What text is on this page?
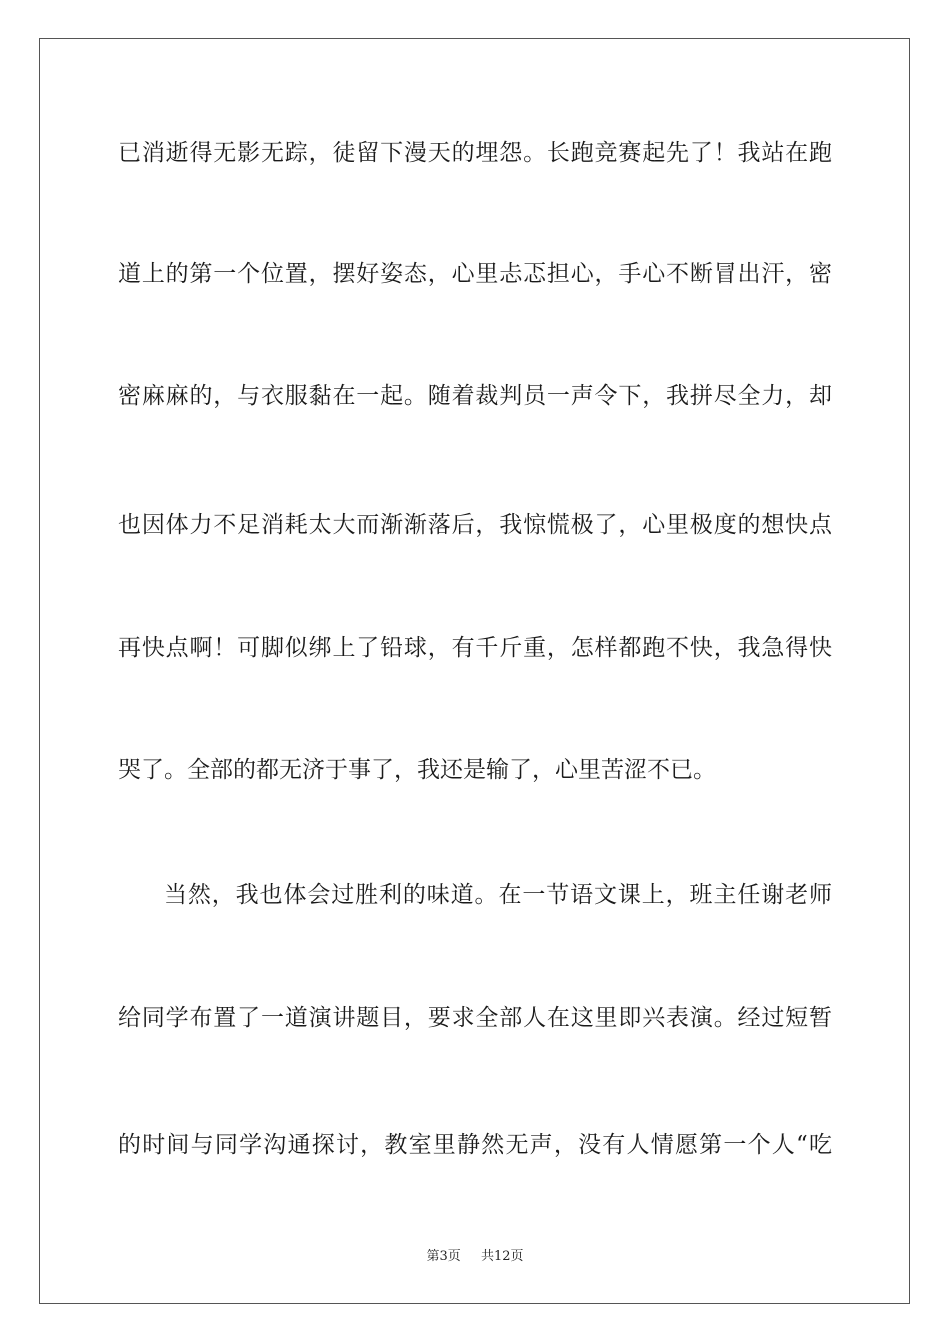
已消逝得无影无踪，徒留下漫天的埋怨。长跑竞赛起先了！我站在跑
道上的第一个位置，摆好姿态，心里忐忑担心，手心不断冒出汗，密
密麻麻的，与衣服黏在一起。随着裁判员一声令下，我拼尽全力，却
也因体力不足消耗太大而渐渐落后，我惊慌极了，心里极度的想快点
再快点啊！可脚似绑上了铅球，有千斤重，怎样都跑不快，我急得快
哭了。全部的都无济于事了，我还是输了，心里苦涩不已。
当然，我也体会过胜利的味道。在一节语文课上，班主任谢老师
给同学布置了一道演讲题目，要求全部人在这里即兴表演。经过短暂
的时间与同学沟通探讨，教室里静然无声，没有人情愿第一个人“吃
第3页 共12页
